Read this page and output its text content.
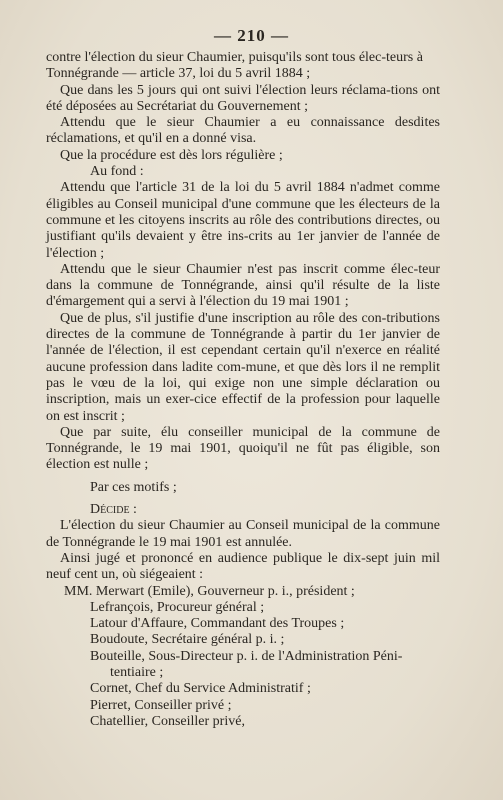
— 210 —

contre l'élection du sieur Chaumier, puisqu'ils sont tous élec-teurs à Tonnégrande — article 37, loi du 5 avril 1884 ;

Que dans les 5 jours qui ont suivi l'élection leurs réclama-tions ont été déposées au Secrétariat du Gouvernement ;

Attendu que le sieur Chaumier a eu connaissance desdites réclamations, et qu'il en a donné visa.

Que la procédure est dès lors régulière ;

Au fond :

Attendu que l'article 31 de la loi du 5 avril 1884 n'admet comme éligibles au Conseil municipal d'une commune que les électeurs de la commune et les citoyens inscrits au rôle des contributions directes, ou justifiant qu'ils devaient y être ins-crits au 1er janvier de l'année de l'élection ;

Attendu que le sieur Chaumier n'est pas inscrit comme élec-teur dans la commune de Tonnégrande, ainsi qu'il résulte de la liste d'émargement qui a servi à l'élection du 19 mai 1901 ;

Que de plus, s'il justifie d'une inscription au rôle des con-tributions directes de la commune de Tonnégrande à partir du 1er janvier de l'année de l'élection, il est cependant certain qu'il n'exerce en réalité aucune profession dans ladite com-mune, et que dès lors il ne remplit pas le vœu de la loi, qui exige non une simple déclaration ou inscription, mais un exer-cice effectif de la profession pour laquelle on est inscrit ;

Que par suite, élu conseiller municipal de la commune de Tonnégrande, le 19 mai 1901, quoiqu'il ne fût pas éligible, son élection est nulle ;

Par ces motifs ;

Décide :

L'élection du sieur Chaumier au Conseil municipal de la commune de Tonnégrande le 19 mai 1901 est annulée.

Ainsi jugé et prononcé en audience publique le dix-sept juin mil neuf cent un, où siégeaient :

MM. Merwart (Emile), Gouverneur p. i., président ;
Lefrançois, Procureur général ;
Latour d'Affaure, Commandant des Troupes ;
Boudoute, Secrétaire général p. i. ;
Bouteille, Sous-Directeur p. i. de l'Administration Péni-
tentiaire ;
Cornet, Chef du Service Administratif ;
Pierret, Conseiller privé ;
Chatellier, Conseiller privé,
